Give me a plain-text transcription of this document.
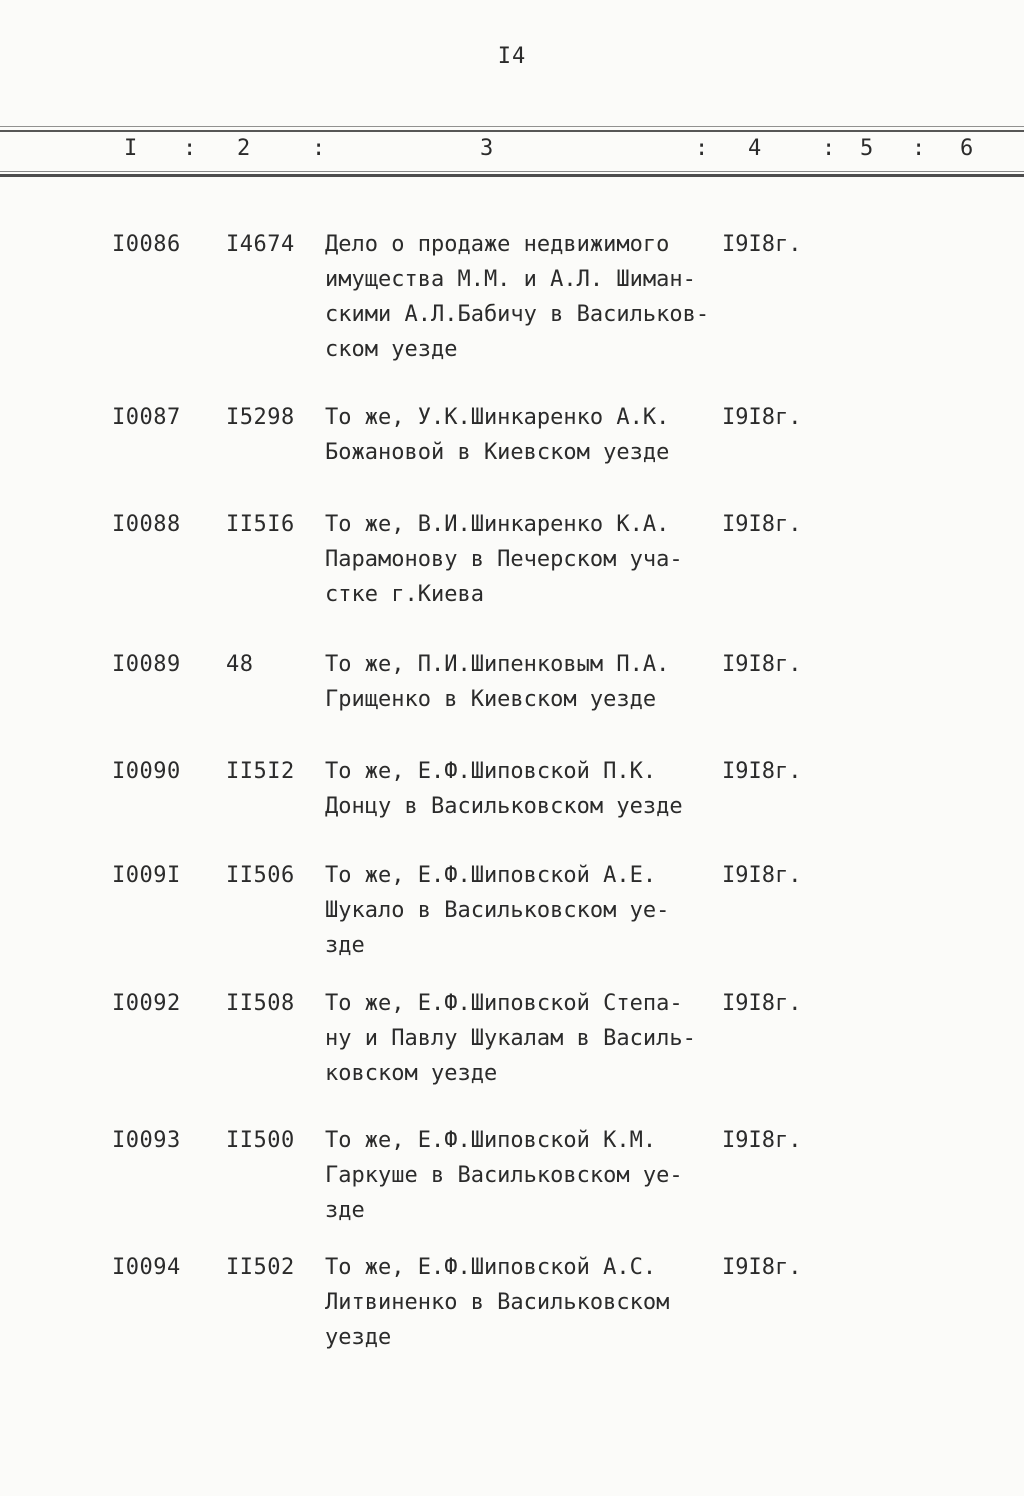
I4
I : 2	:	3	: 4	: 5 : 6
I0086 I4674 Дело о продаже недвижимого
имущества М.М. и А.Л. Шиман-
скими А.Л.Бабичу в Васильков-
ском уезде
I9I8г.
I0087 I5298 То же, У.К.Шинкаренко А.К.
Божановой в Киевском уезде
I9I8г.
I0088 II5I6 То же, В.И.Шинкаренко К.А.
Парамонову в Печерском уча-
стке г.Киева
I9I8г.
I0089 48	То же, П.И.Шипенковым П.А.
Грищенко в Киевском уезде
I9I8г.
I0090 II5I2 То же, Е.Ф.Шиповской П.К.
Донцу в Васильковском уезде
I9I8г.
I009I II506 То же, Е.Ф.Шиповской А.Е.
Шукало в Васильковском уе-
зде
I9I8г.
I0092 II508 То же, Е.Ф.Шиповской Степа-
ну и Павлу Шукалам в Василь-
ковском уезде
I9I8г.
I0093 II500 То же, Е.Ф.Шиповской К.М.
Гаркуше в Васильковском уе-
зде
I9I8г.
I0094 II502 То же, Е.Ф.Шиповской А.С.
Литвиненко в Васильковском
уезде
I9I8г.
